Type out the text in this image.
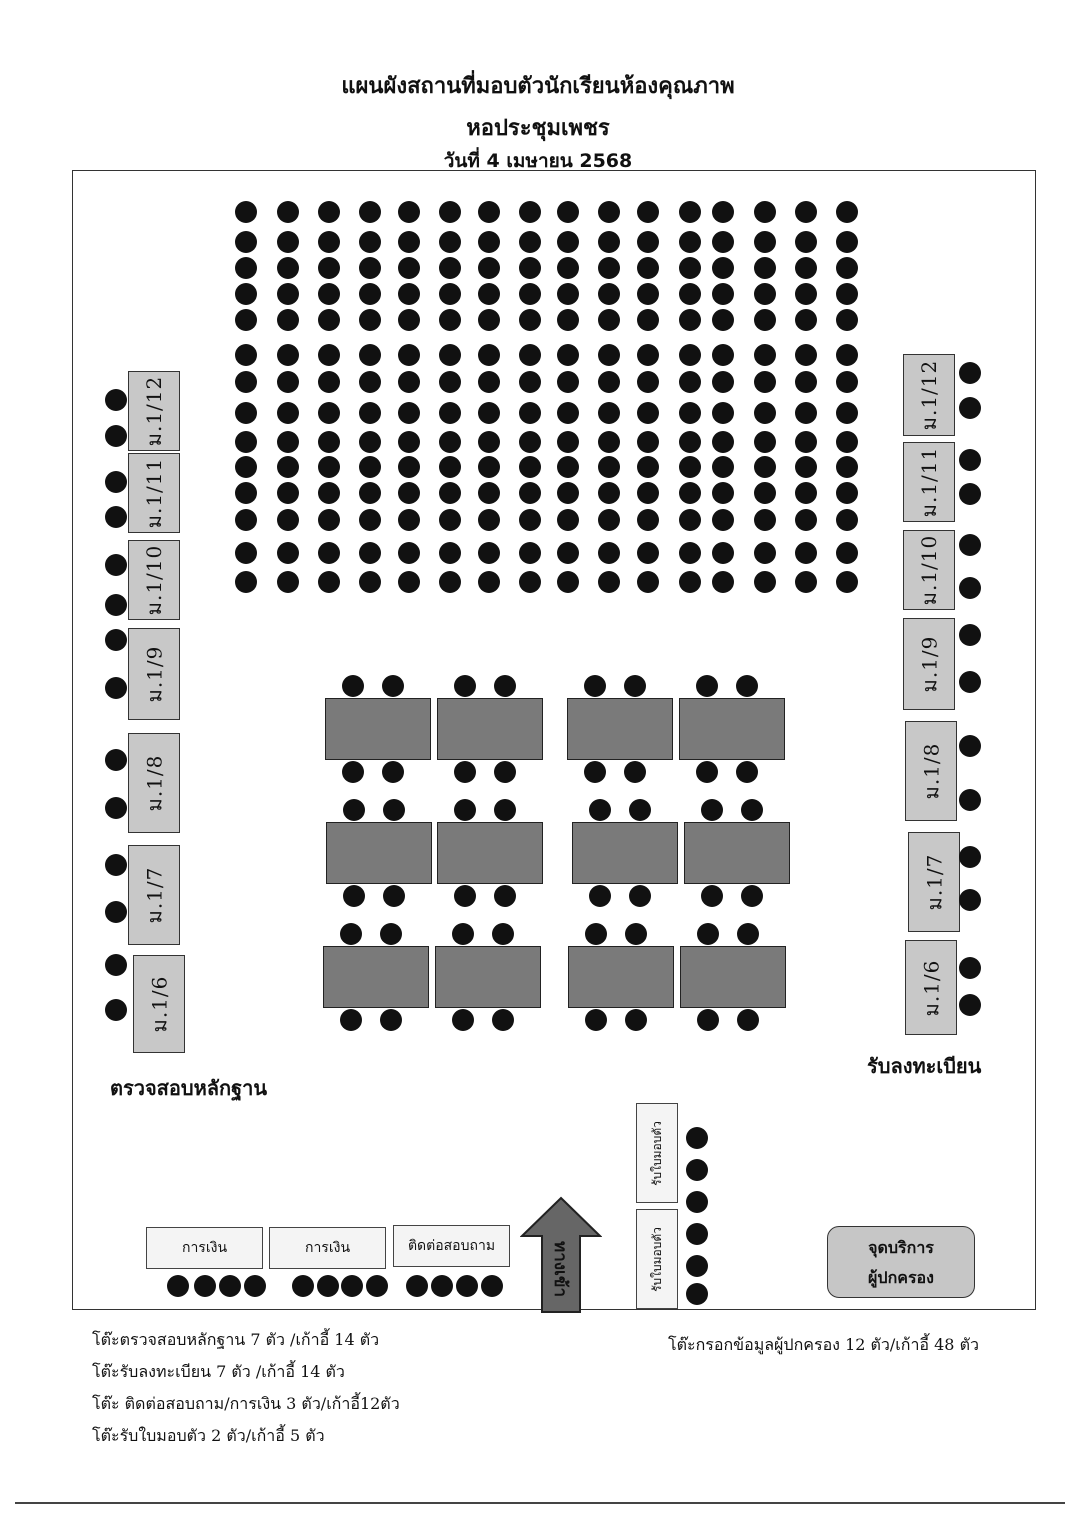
แผนผังสถานที่มอบตัวนักเรียนห้องคุณภาพ
หอประชุมเพชร
วันที่ 4 เมษายน 2568
ม.1/12
ม.1/11
ม.1/10
ม.1/9
ม.1/8
ม.1/7
ม.1/6
ตรวจสอบหลักฐาน
ม.1/12
ม.1/11
ม.1/10
ม.1/9
ม.1/8
ม.1/7
ม.1/6
รับลงทะเบียน
การเงิน	การเงิน	ติดต่อสอบถาม	ทางเข้า
รับใบมอบตัว
รับใบมอบตัว	จุดบริการ
ผู้ปกครอง
โต๊ะตรวจสอบหลักฐาน 7 ตัว /เก้าอี้ 14 ตัว
โต๊ะรับลงทะเบียน 7 ตัว /เก้าอี้ 14 ตัว
โต๊ะ ติดต่อสอบถาม/การเงิน 3 ตัว/เก้าอี้12ตัว
โต๊ะรับใบมอบตัว 2 ตัว/เก้าอี้ 5 ตัว
โต๊ะกรอกข้อมูลผู้ปกครอง 12 ตัว/เก้าอี้ 48 ตัว
